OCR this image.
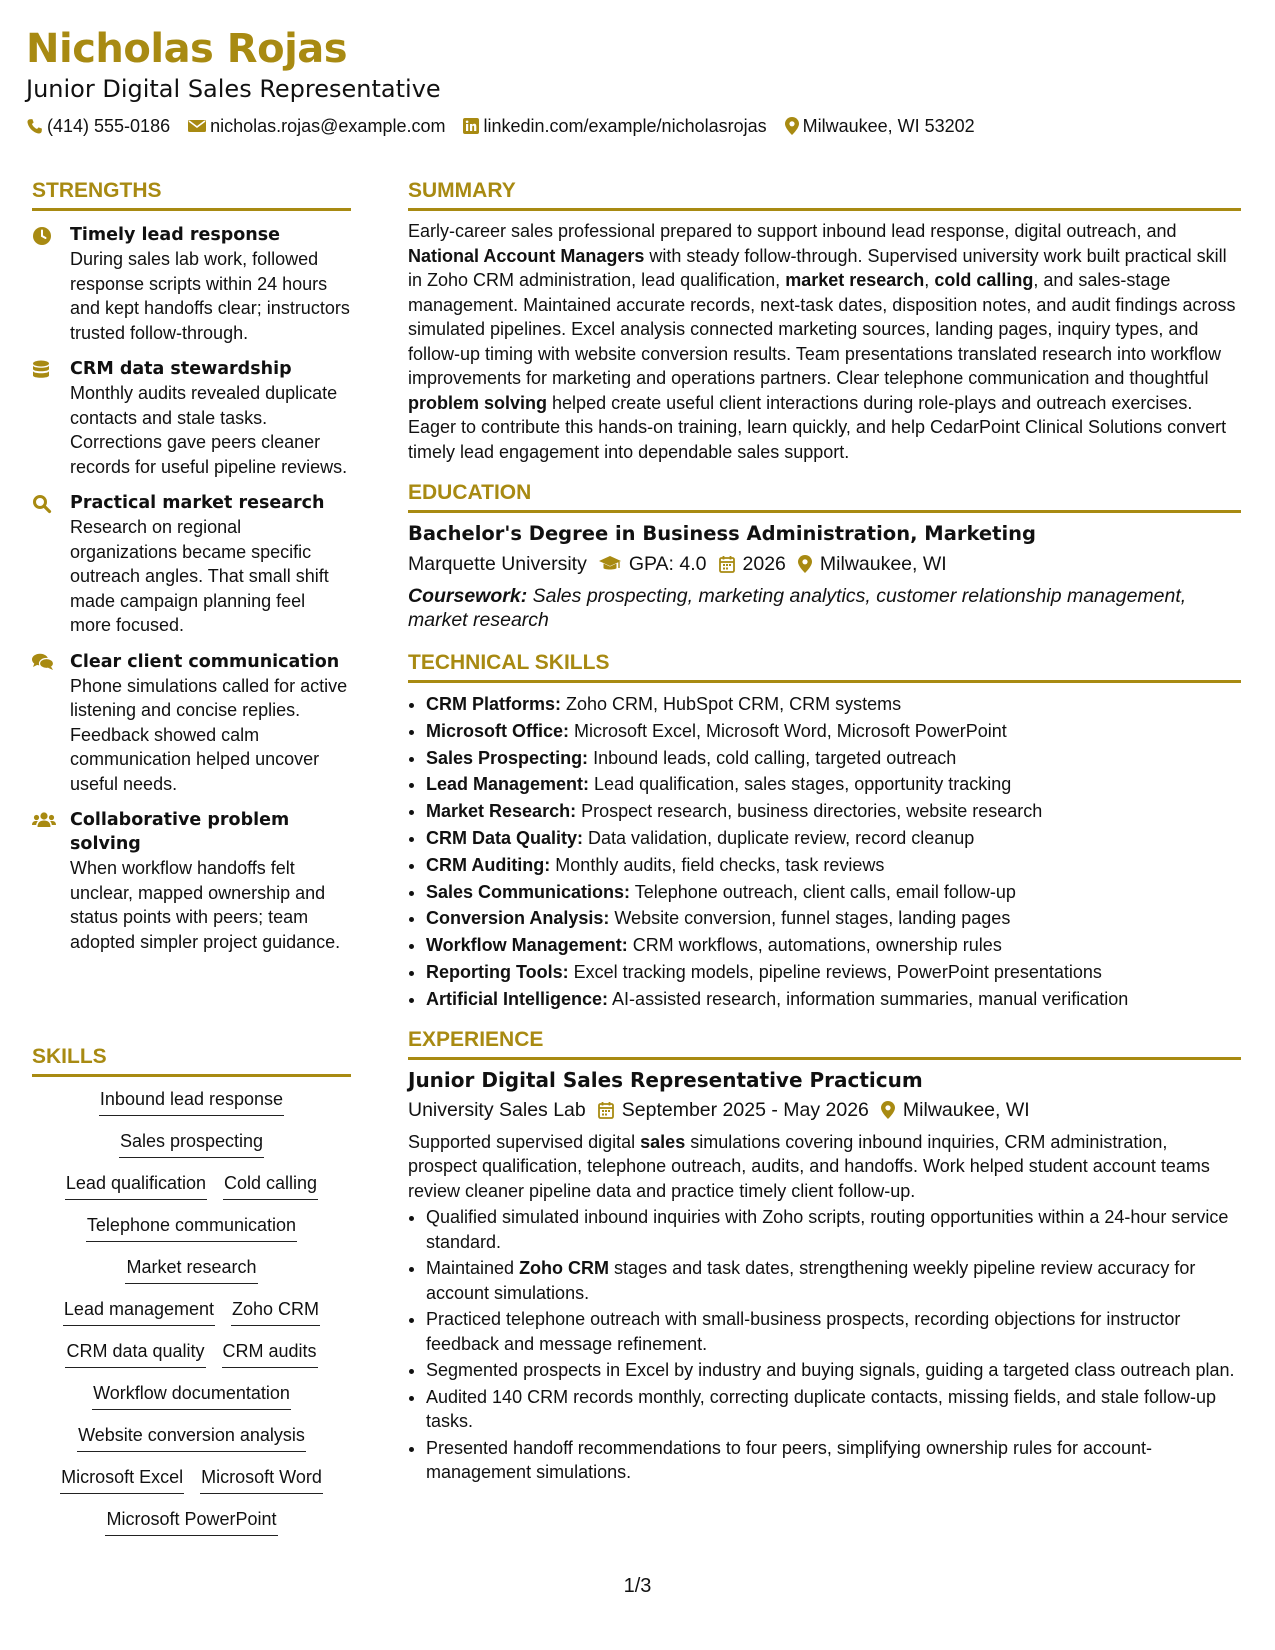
Nicholas Rojas
Junior Digital Sales Representative
(414) 555-0186 nicholas.rojas@example.com linkedin.com/example/nicholasrojas Milwaukee, WI 53202
STRENGTHS
Timely lead response
During sales lab work, followed response scripts within 24 hours and kept handoffs clear; instructors trusted follow-through.
CRM data stewardship
Monthly audits revealed duplicate contacts and stale tasks. Corrections gave peers cleaner records for useful pipeline reviews.
Practical market research
Research on regional organizations became specific outreach angles. That small shift made campaign planning feel more focused.
Clear client communication
Phone simulations called for active listening and concise replies. Feedback showed calm communication helped uncover useful needs.
Collaborative problem solving
When workflow handoffs felt unclear, mapped ownership and status points with peers; team adopted simpler project guidance.
SKILLS
Inbound lead response
Sales prospecting
Lead qualification Cold calling
Telephone communication
Market research
Lead management Zoho CRM
CRM data quality CRM audits
Workflow documentation
Website conversion analysis
Microsoft Excel Microsoft Word
Microsoft PowerPoint
SUMMARY

Early-career sales professional prepared to support inbound lead response, digital outreach, and National Account Managers with steady follow-through. Supervised university work built practical skill in Zoho CRM administration, lead qualification, market research, cold calling, and sales-stage management. Maintained accurate records, next-task dates, disposition notes, and audit findings across simulated pipelines. Excel analysis connected marketing sources, landing pages, inquiry types, and follow-up timing with website conversion results. Team presentations translated research into workflow improvements for marketing and operations partners. Clear telephone communication and thoughtful problem solving helped create useful client interactions during role-plays and outreach exercises. Eager to contribute this hands-on training, learn quickly, and help CedarPoint Clinical Solutions convert timely lead engagement into dependable sales support.

EDUCATION
Bachelor's Degree in Business Administration, Marketing
Marquette University GPA: 4.0 2026 Milwaukee, WI
Coursework: Sales prospecting, marketing analytics, customer relationship management, market research
TECHNICAL SKILLS
• CRM Platforms: Zoho CRM, HubSpot CRM, CRM systems
• Microsoft Office: Microsoft Excel, Microsoft Word, Microsoft PowerPoint
• Sales Prospecting: Inbound leads, cold calling, targeted outreach
• Lead Management: Lead qualification, sales stages, opportunity tracking
• Market Research: Prospect research, business directories, website research
• CRM Data Quality: Data validation, duplicate review, record cleanup
• CRM Auditing: Monthly audits, field checks, task reviews
• Sales Communications: Telephone outreach, client calls, email follow-up
• Conversion Analysis: Website conversion, funnel stages, landing pages
• Workflow Management: CRM workflows, automations, ownership rules
• Reporting Tools: Excel tracking models, pipeline reviews, PowerPoint presentations
• Artificial Intelligence: AI-assisted research, information summaries, manual verification
EXPERIENCE
Junior Digital Sales Representative Practicum
University Sales Lab September 2025 - May 2026 Milwaukee, WI

Supported supervised digital sales simulations covering inbound inquiries, CRM administration, prospect qualification, telephone outreach, audits, and handoffs. Work helped student account teams review cleaner pipeline data and practice timely client follow-up.

• Qualified simulated inbound inquiries with Zoho scripts, routing opportunities within a 24-hour service standard.
• Maintained Zoho CRM stages and task dates, strengthening weekly pipeline review accuracy for account simulations.
• Practiced telephone outreach with small-business prospects, recording objections for instructor feedback and message refinement.
• Segmented prospects in Excel by industry and buying signals, guiding a targeted class outreach plan.
• Audited 140 CRM records monthly, correcting duplicate contacts, missing fields, and stale follow-up tasks.
• Presented handoff recommendations to four peers, simplifying ownership rules for account-management simulations.
1/3
